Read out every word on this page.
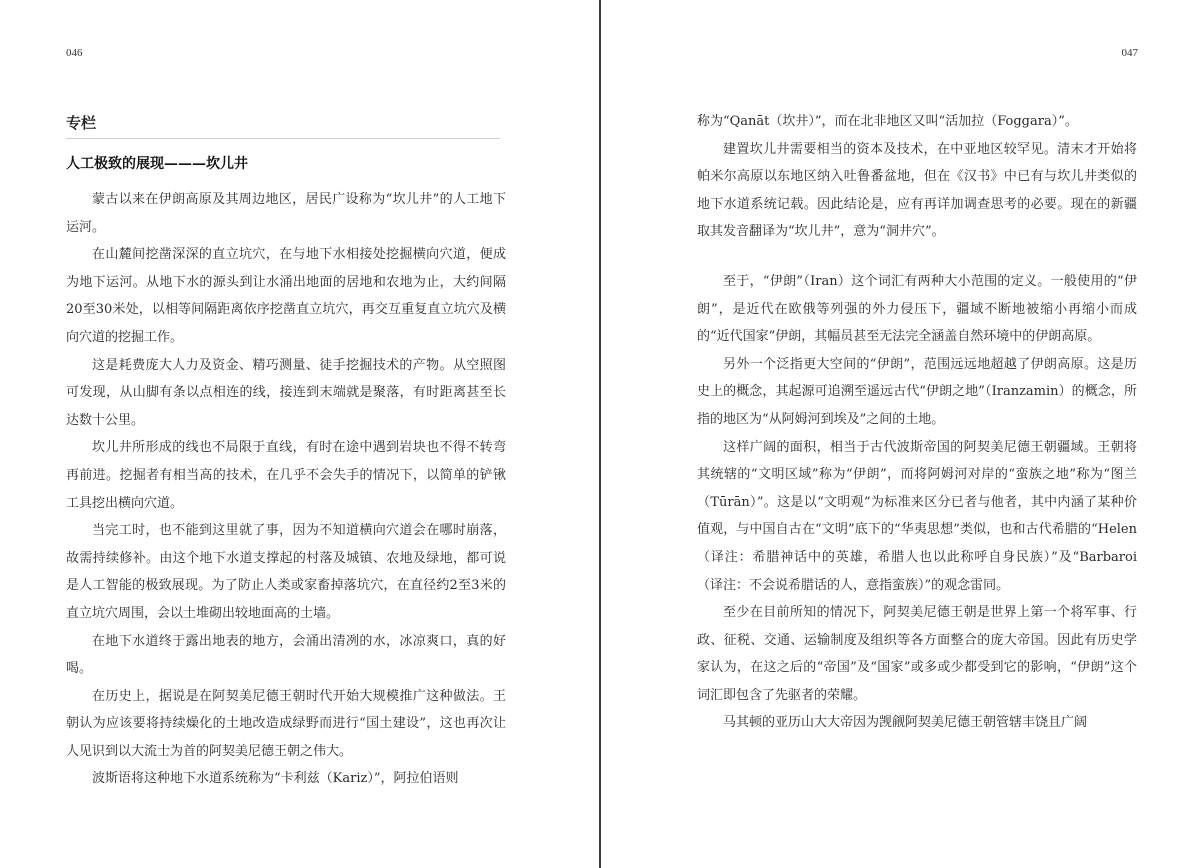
046
专栏
人工极致的展现———坎儿井

蒙古以来在伊朗高原及其周边地区，居民广设称为“坎儿井”的人工地下运河。

在山麓间挖凿深深的直立坑穴，在与地下水相接处挖掘横向穴道，便成为地下运河。从地下水的源头到让水涌出地面的居地和农地为止，大约间隔20至30米处，以相等间隔距离依序挖凿直立坑穴，再交互重复直立坑穴及横向穴道的挖掘工作。

这是耗费庞大人力及资金、精巧测量、徒手挖掘技术的产物。从空照图可发现，从山脚有条以点相连的线，接连到末端就是聚落，有时距离甚至长达数十公里。

坎儿井所形成的线也不局限于直线，有时在途中遇到岩块也不得不转弯再前进。挖掘者有相当高的技术，在几乎不会失手的情况下，以简单的铲锹工具挖出横向穴道。

当完工时，也不能到这里就了事，因为不知道横向穴道会在哪时崩落，故需持续修补。由这个地下水道支撑起的村落及城镇、农地及绿地，都可说是人工智能的极致展现。为了防止人类或家畜掉落坑穴，在直径约2至3米的直立坑穴周围，会以土堆砌出较地面高的土墙。

在地下水道终于露出地表的地方，会涌出清冽的水，冰凉爽口，真的好喝。

在历史上，据说是在阿契美尼德王朝时代开始大规模推广这种做法。王朝认为应该要将持续燥化的土地改造成绿野而进行“国土建设”，这也再次让人见识到以大流士为首的阿契美尼德王朝之伟大。

波斯语将这种地下水道系统称为“卡利兹（Kariz）”，阿拉伯语则

047

称为“Qanāt（坎井）”，而在北非地区又叫“活加拉（Foggara）”。

建置坎儿井需要相当的资本及技术，在中亚地区较罕见。清末才开始将帕米尔高原以东地区纳入吐鲁番盆地，但在《汉书》中已有与坎儿井类似的地下水道系统记载。因此结论是，应有再详加调查思考的必要。现在的新疆取其发音翻译为“坎儿井”，意为“洞井穴”。

至于，“伊朗”（Iran）这个词汇有两种大小范围的定义。一般使用的“伊朗”，是近代在欧俄等列强的外力侵压下，疆域不断地被缩小再缩小而成的“近代国家”伊朗，其幅员甚至无法完全涵盖自然环境中的伊朗高原。

另外一个泛指更大空间的“伊朗”，范围远远地超越了伊朗高原。这是历史上的概念，其起源可追溯至遥远古代“伊朗之地”（Iranzamin）的概念，所指的地区为“从阿姆河到埃及”之间的土地。

这样广阔的面积，相当于古代波斯帝国的阿契美尼德王朝疆域。王朝将其统辖的“文明区域”称为“伊朗”，而将阿姆河对岸的“蛮族之地”称为“图兰（Tūrān）”。这是以“文明观”为标准来区分已者与他者，其中内涵了某种价值观，与中国自古在“文明”底下的“华夷思想”类似，也和古代希腊的“Helen（译注：希腊神话中的英雄，希腊人也以此称呼自身民族）”及“Barbaroi（译注：不会说希腊话的人，意指蛮族）”的观念雷同。

至少在目前所知的情况下，阿契美尼德王朝是世界上第一个将军事、行政、征税、交通、运输制度及组织等各方面整合的庞大帝国。因此有历史学家认为，在这之后的“帝国”及“国家”或多或少都受到它的影响，“伊朗”这个词汇即包含了先驱者的荣耀。

马其顿的亚历山大大帝因为觊觎阿契美尼德王朝管辖丰饶且广阔
